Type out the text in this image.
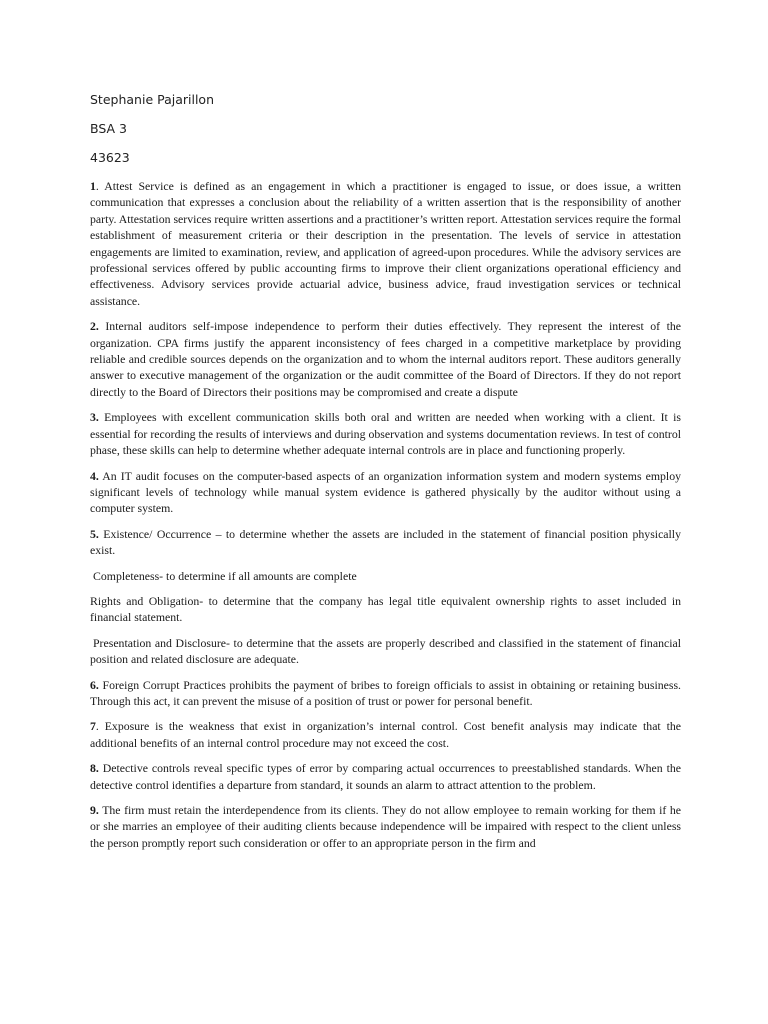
Stephanie Pajarillon

BSA 3

43623

1. Attest Service is defined as an engagement in which a practitioner is engaged to issue, or does issue, a written communication that expresses a conclusion about the reliability of a written assertion that is the responsibility of another party. Attestation services require written assertions and a practitioner’s written report. Attestation services require the formal establishment of measurement criteria or their description in the presentation. The levels of service in attestation engagements are limited to examination, review, and application of agreed-upon procedures. While the advisory services are professional services offered by public accounting firms to improve their client organizations operational efficiency and effectiveness. Advisory services provide actuarial advice, business advice, fraud investigation services or technical assistance.

2. Internal auditors self-impose independence to perform their duties effectively. They represent the interest of the organization. CPA firms justify the apparent inconsistency of fees charged in a competitive marketplace by providing reliable and credible sources depends on the organization and to whom the internal auditors report. These auditors generally answer to executive management of the organization or the audit committee of the Board of Directors. If they do not report directly to the Board of Directors their positions may be compromised and create a dispute

3. Employees with excellent communication skills both oral and written are needed when working with a client. It is essential for recording the results of interviews and during observation and systems documentation reviews. In test of control phase, these skills can help to determine whether adequate internal controls are in place and functioning properly.

4. An IT audit focuses on the computer-based aspects of an organization information system and modern systems employ significant levels of technology while manual system evidence is gathered physically by the auditor without using a computer system.

5. Existence/ Occurrence – to determine whether the assets are included in the statement of financial position physically exist.

Completeness- to determine if all amounts are complete

Rights and Obligation- to determine that the company has legal title equivalent ownership rights to asset included in financial statement.

Presentation and Disclosure- to determine that the assets are properly described and classified in the statement of financial position and related disclosure are adequate.

6. Foreign Corrupt Practices prohibits the payment of bribes to foreign officials to assist in obtaining or retaining business. Through this act, it can prevent the misuse of a position of trust or power for personal benefit.

7. Exposure is the weakness that exist in organization’s internal control. Cost benefit analysis may indicate that the additional benefits of an internal control procedure may not exceed the cost.

8. Detective controls reveal specific types of error by comparing actual occurrences to preestablished standards. When the detective control identifies a departure from standard, it sounds an alarm to attract attention to the problem.

9. The firm must retain the interdependence from its clients. They do not allow employee to remain working for them if he or she marries an employee of their auditing clients because independence will be impaired with respect to the client unless the person promptly report such consideration or offer to an appropriate person in the firm and
